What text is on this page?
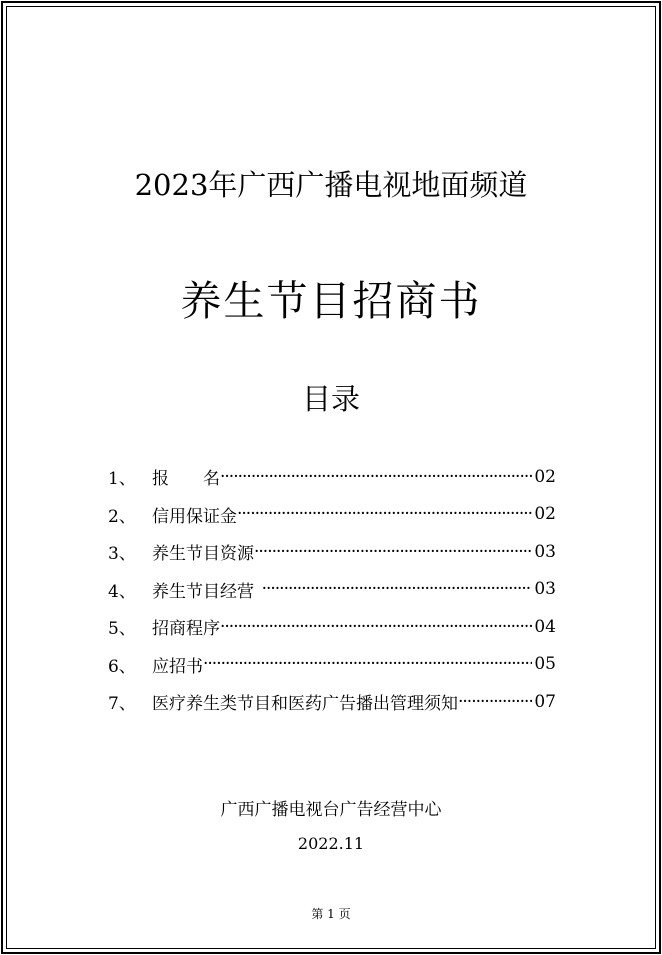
2023年广西广播电视地面频道
养生节目招商书
目录
1、 报　　名 ·····	02
2、 信用保证金 ·····	02
3、 养生节目资源 ·····	03
4、 养生节目经营 ·····	03
5、 招商程序 ·····	04
6、 应招书 ·····	05
7、 医疗养生类节目和医药广告播出管理须知 ·····	07
广西广播电视台广告经营中心
2022.11
第 1 页
